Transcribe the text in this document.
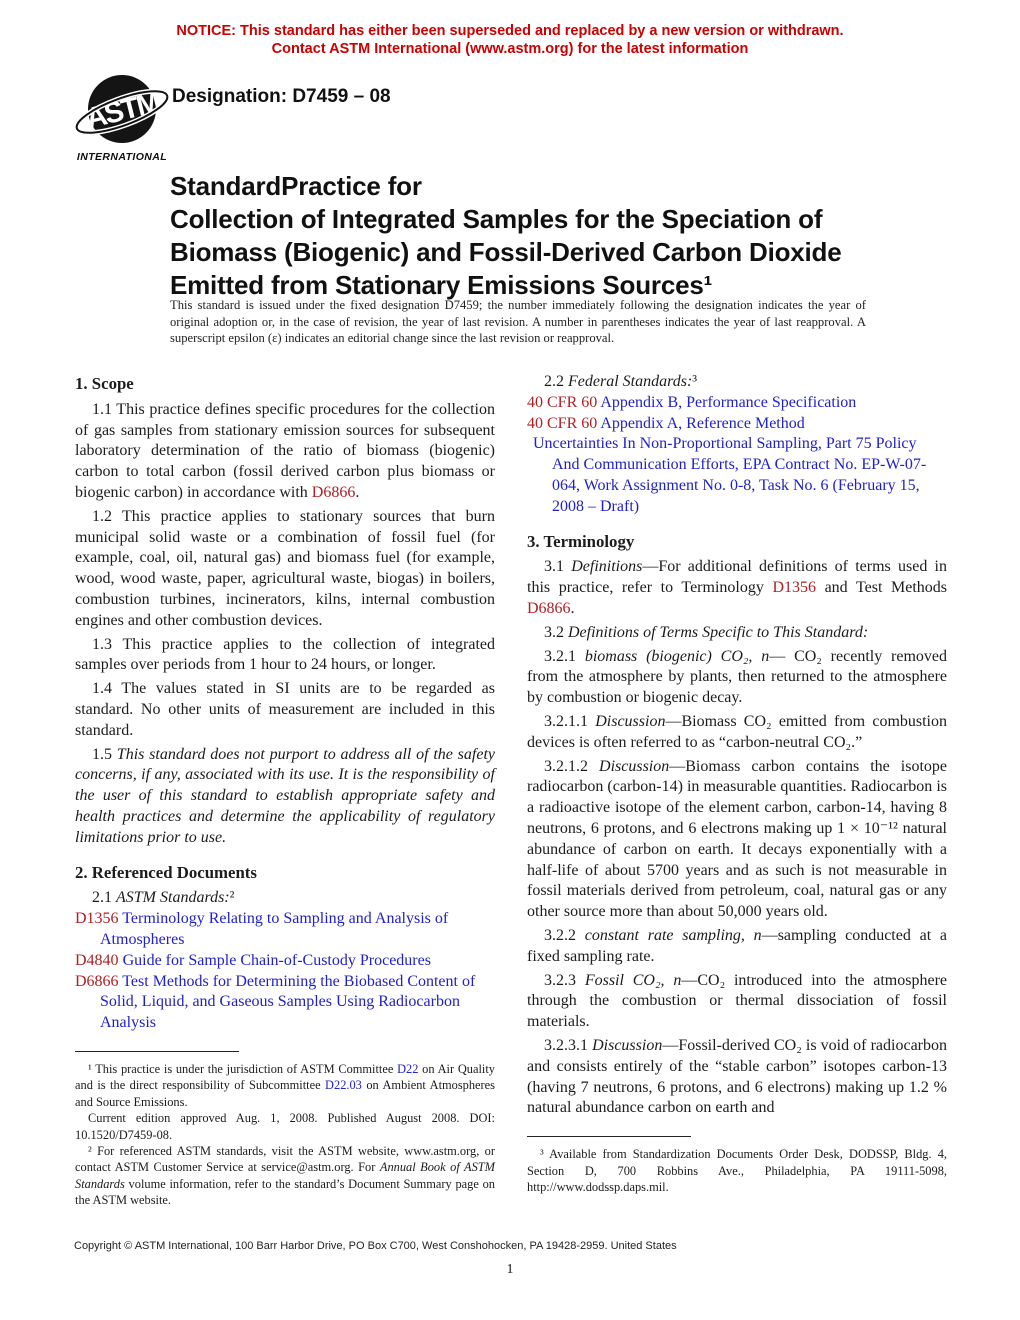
NOTICE: This standard has either been superseded and replaced by a new version or withdrawn.
Contact ASTM International (www.astm.org) for the latest information
ASTM
INTERNATIONAL
Designation: D7459 – 08
StandardPractice for
Collection of Integrated Samples for the Speciation of
Biomass (Biogenic) and Fossil-Derived Carbon Dioxide
Emitted from Stationary Emissions Sources¹
This standard is issued under the fixed designation D7459; the number immediately following the designation indicates the year of original adoption or, in the case of revision, the year of last revision. A number in parentheses indicates the year of last reapproval. A superscript epsilon (ε) indicates an editorial change since the last revision or reapproval.
1. Scope

1.1 This practice defines specific procedures for the collection of gas samples from stationary emission sources for subsequent laboratory determination of the ratio of biomass (biogenic) carbon to total carbon (fossil derived carbon plus biomass or biogenic carbon) in accordance with D6866.

1.2 This practice applies to stationary sources that burn municipal solid waste or a combination of fossil fuel (for example, coal, oil, natural gas) and biomass fuel (for example, wood, wood waste, paper, agricultural waste, biogas) in boilers, combustion turbines, incinerators, kilns, internal combustion engines and other combustion devices.

1.3 This practice applies to the collection of integrated samples over periods from 1 hour to 24 hours, or longer.

1.4 The values stated in SI units are to be regarded as standard. No other units of measurement are included in this standard.

1.5 This standard does not purport to address all of the safety concerns, if any, associated with its use. It is the responsibility of the user of this standard to establish appropriate safety and health practices and determine the applicability of regulatory limitations prior to use.

2. Referenced Documents

2.1 ASTM Standards:²

D1356 Terminology Relating to Sampling and Analysis of Atmospheres

D4840 Guide for Sample Chain-of-Custody Procedures

D6866 Test Methods for Determining the Biobased Content of Solid, Liquid, and Gaseous Samples Using Radiocarbon Analysis

¹ This practice is under the jurisdiction of ASTM Committee D22 on Air Quality and is the direct responsibility of Subcommittee D22.03 on Ambient Atmospheres and Source Emissions.

Current edition approved Aug. 1, 2008. Published August 2008. DOI: 10.1520/D7459-08.

² For referenced ASTM standards, visit the ASTM website, www.astm.org, or contact ASTM Customer Service at service@astm.org. For Annual Book of ASTM Standards volume information, refer to the standard’s Document Summary page on the ASTM website.

2.2 Federal Standards:³

40 CFR 60 Appendix B, Performance Specification

40 CFR 60 Appendix A, Reference Method

Uncertainties In Non-Proportional Sampling, Part 75 Policy And Communication Efforts, EPA Contract No. EP-W-07-064, Work Assignment No. 0-8, Task No. 6 (February 15, 2008 – Draft)

3. Terminology

3.1 Definitions—For additional definitions of terms used in this practice, refer to Terminology D1356 and Test Methods D6866.

3.2 Definitions of Terms Specific to This Standard:

3.2.1 biomass (biogenic) CO₂, n— CO₂ recently removed from the atmosphere by plants, then returned to the atmosphere by combustion or biogenic decay.

3.2.1.1 Discussion—Biomass CO₂ emitted from combustion devices is often referred to as “carbon-neutral CO₂.”

3.2.1.2 Discussion—Biomass carbon contains the isotope radiocarbon (carbon-14) in measurable quantities. Radiocarbon is a radioactive isotope of the element carbon, carbon-14, having 8 neutrons, 6 protons, and 6 electrons making up 1 × 10⁻¹² natural abundance of carbon on earth. It decays exponentially with a half-life of about 5700 years and as such is not measurable in fossil materials derived from petroleum, coal, natural gas or any other source more than about 50,000 years old.

3.2.2 constant rate sampling, n—sampling conducted at a fixed sampling rate.

3.2.3 Fossil CO₂, n—CO₂ introduced into the atmosphere through the combustion or thermal dissociation of fossil materials.

3.2.3.1 Discussion—Fossil-derived CO₂ is void of radiocarbon and consists entirely of the “stable carbon” isotopes carbon-13 (having 7 neutrons, 6 protons, and 6 electrons) making up 1.2 % natural abundance carbon on earth and

³ Available from Standardization Documents Order Desk, DODSSP, Bldg. 4, Section D, 700 Robbins Ave., Philadelphia, PA 19111-5098, http://www.dodssp.daps.mil.

Copyright © ASTM International, 100 Barr Harbor Drive, PO Box C700, West Conshohocken, PA 19428-2959. United States
1
